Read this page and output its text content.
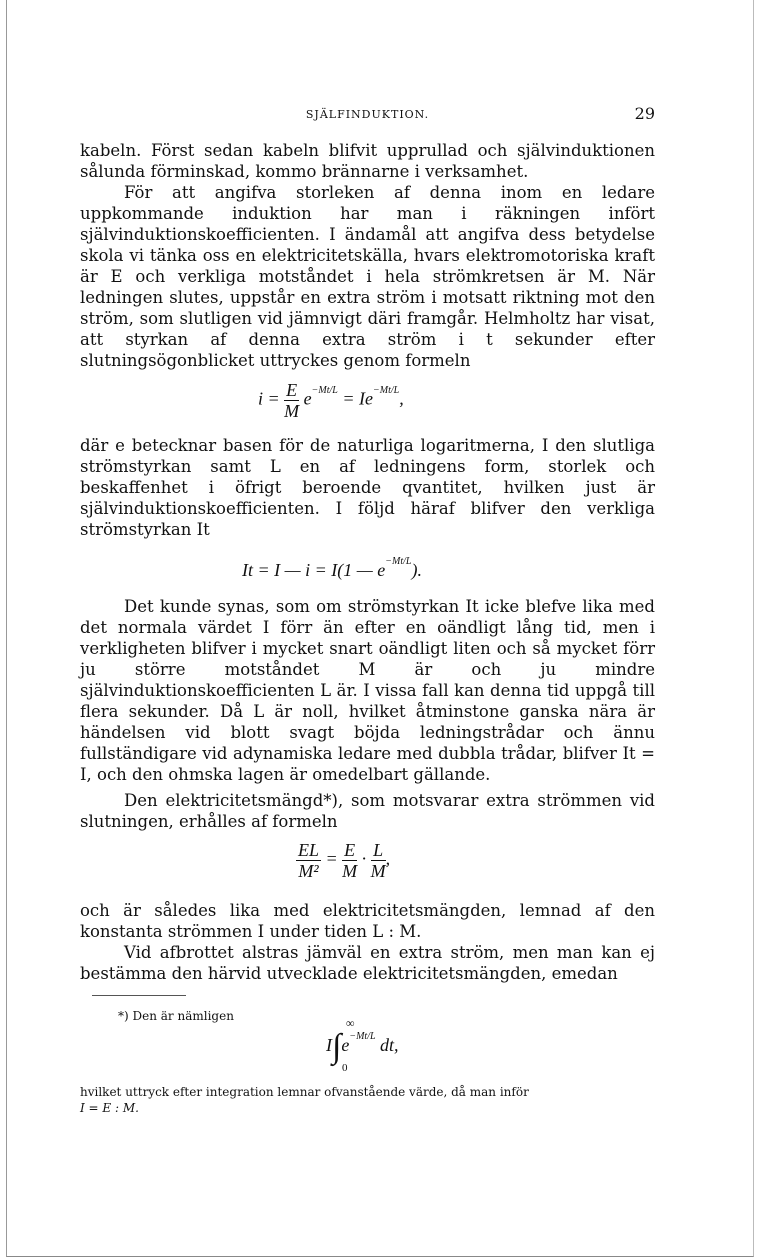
SJÄLFINDUKTION.	29

kabeln. Först sedan kabeln blifvit upprullad och självinduktionen sålunda förminskad, kommo brännarne i verksamhet.

För att angifva storleken af denna inom en ledare uppkommande induktion har man i räkningen infört självinduktionskoefficienten. I ändamål att angifva dess betydelse skola vi tänka oss en elektricitetskälla, hvars elektromotoriska kraft är E och verkliga motståndet i hela strömkretsen är M. När ledningen slutes, uppstår en extra ström i motsatt riktning mot den ström, som slutligen vid jämnvigt däri framgår. Helmholtz har visat, att styrkan af denna extra ström i t sekunder efter slutningsögonblicket uttryckes genom formeln

$i = \frac{E}{M} e^{-Mt/L} = Ie^{-Mt/L}$,

där e betecknar basen för de naturliga logaritmerna, I den slutliga strömstyrkan samt L en af ledningens form, storlek och beskaffenhet i öfrigt beroende qvantitet, hvilken just är självinduktionskoefficienten. I följd häraf blifver den verkliga strömstyrkan It

It = I — i = I(1 — $e^{-Mt/L}$).

Det kunde synas, som om strömstyrkan It icke blefve lika med det normala värdet I förr än efter en oändligt lång tid, men i verkligheten blifver i mycket snart oändligt liten och så mycket förr ju större motståndet M är och ju mindre självinduktionskoefficienten L är. I vissa fall kan denna tid uppgå till flera sekunder. Då L är noll, hvilket åtminstone ganska nära är händelsen vid blott svagt böjda ledningstrådar och ännu fullständigare vid adynamiska ledare med dubbla trådar, blifver It = I, och den ohmska lagen är omedelbart gällande.

Den elektricitetsmängd*), som motsvarar extra strömmen vid slutningen, erhålles af formeln

$\frac{EL}{\text{M²}} = \frac{E}{M} \cdot \frac{L}{M}$ ,

och är således lika med elektricitetsmängden, lemnad af den konstanta strömmen I under tiden L : M.

Vid afbrottet alstras jämväl en extra ström, men man kan ej bestämma den härvid utvecklade elektricitetsmängden, emedan

*) Den är nämligen
I∫
∞
0
$e^{-Mt/L}$ dt,
hvilket uttryck efter integration lemnar ofvanstående värde, då man inför
I = E : M.
